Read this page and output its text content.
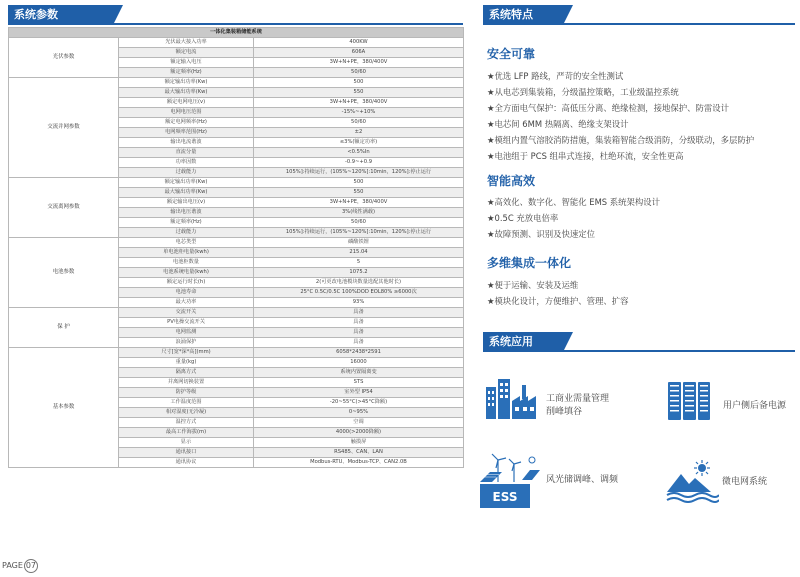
系统参数
一体化集装箱储能系统		
光伏参数	光伏最大接入功率	400KW
	额定电流	606A
	额定输入电压	3W+N+PE，380/400V
	额定频率(Hz)	50/60
交流并网参数	额定输出功率(Kw)	500
	最大输出功率(Kw)	550
	额定电网电压(v)	3W+N+PE，380/400V
	电网电压范围	-15%~+10%
	额定电网频率(Hz)	50/60
	电网频率范围(Hz)	±2
	输出电流谐波	≤3%(额定功率)
	直流分量	<0.5%In
	功率因数	-0.9~+0.9
	过载能力	105%]:持续运行，(105%~120%]:10min，120%]:停止运行
交流离网参数	额定输出功率(Kw)	500
	最大输出功率(Kw)	550
	额定输出电压(v)	3W+N+PE，380/400V
	输出电压谐波	3%(线性满载)
	额定频率(Hz)	50/60
	过载能力	105%]:持续运行，(105%~120%]:10min，120%]:停止运行
电池参数	电芯类型	磷酸铁锂
	单电池柜电量(kwh)	215.04
	电池柜数量	5
	电池系统电量(kwh)	1075.2
	额定运行时长(h)	2(可更改电池模块数量选配其他时长)
	电池寿命	25°C 0.5C/0.5C 100%DOD EOL80% ≥6000次
	最大功率	93%
保 护	交流开关	具备
	PV电操交流开关	具备
	电网监测	具备
	浪涌保护	具备
基本参数	尺寸[宽*深*高](mm)	6058*2438*2591
	重量(kg)	16000
	隔离方式	系统内置隔离变
	并离网切换装置	STS
	防护等级	室外型 IP54
	工作温度范围	-20~55°C(>45°C降额)
	相对湿度(无冷凝)	0~95%
	温控方式	空调
	最高工作海拔(m)	4000(>2000降额)
	显示	触摸屏
	通讯接口	RS485、CAN、LAN
	通讯协议	Modbus-RTU、Modbus-TCP、CAN2.0B
PAGE 07
系统特点
安全可靠
★优选 LFP 路线，严苛的安全性测试
★从电芯到集装箱，分级温控策略，工业级温控系统
★全方面电气保护：高低压分离、绝缘检测，接地保护、防雷设计
★电芯间 6MM 热隔离、绝缘支架设计
★模组内置气溶胶消防措施，集装箱智能合级消防，分级联动，多层防护
★电池组于 PCS 组串式连接，杜绝环流，安全性更高
智能高效
★高效化、数字化、智能化 EMS 系统架构设计
★0.5C 充放电倍率
★故障预测、识别及快速定位
多维集成一体化
★便于运输、安装及运维
★模块化设计，方便维护、管理、扩容
系统应用
工商业需量管理
削峰填谷
用户侧后备电源
ESS
风光储调峰、调频	微电网系统
